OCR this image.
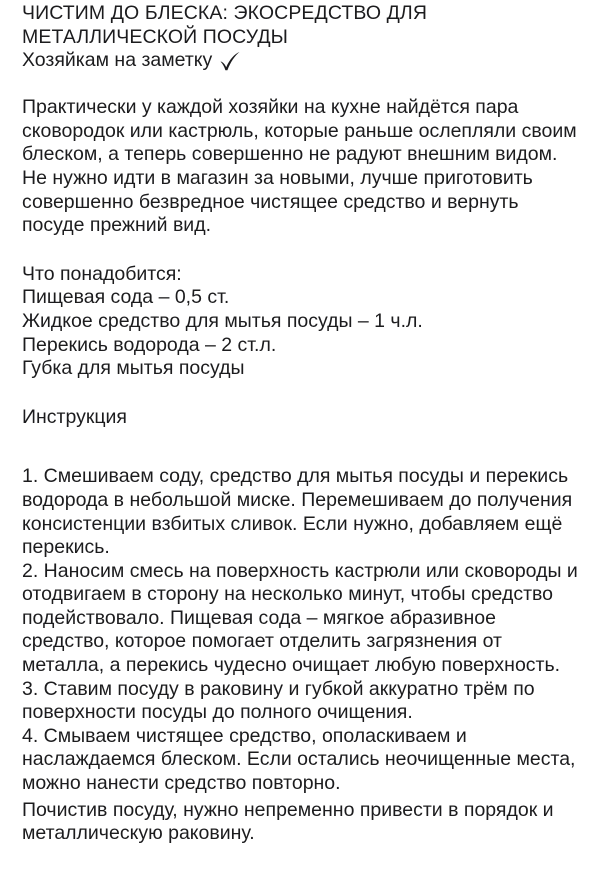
ЧИСТИМ ДО БЛЕСКА: ЭКОСРЕДСТВО ДЛЯ
МЕТАЛЛИЧЕСКОЙ ПОСУДЫ
Хозяйкам на заметку

Практически у каждой хозяйки на кухне найдётся пара сковородок или кастрюль, которые раньше ослепляли своим блеском, а теперь совершенно не радуют внешним видом. Не нужно идти в магазин за новыми, лучше приготовить совершенно безвредное чистящее средство и вернуть посуде прежний вид.

Что понадобится:
Пищевая сода – 0,5 ст.
Жидкое средство для мытья посуды – 1 ч.л.
Перекись водорода – 2 ст.л.
Губка для мытья посуды
Инструкция
1. Смешиваем соду, средство для мытья посуды и перекись водорода в небольшой миске. Перемешиваем до получения консистенции взбитых сливок. Если нужно, добавляем ещё перекись.
2. Наносим смесь на поверхность кастрюли или сковороды и отодвигаем в сторону на несколько минут, чтобы средство подействовало. Пищевая сода – мягкое абразивное средство, которое помогает отделить загрязнения от металла, а перекись чудесно очищает любую поверхность.
3. Ставим посуду в раковину и губкой аккуратно трём по поверхности посуды до полного очищения.
4. Смываем чистящее средство, ополаскиваем и наслаждаемся блеском. Если остались неочищенные места, можно нанести средство повторно.
Почистив посуду, нужно непременно привести в порядок и металлическую раковину.
